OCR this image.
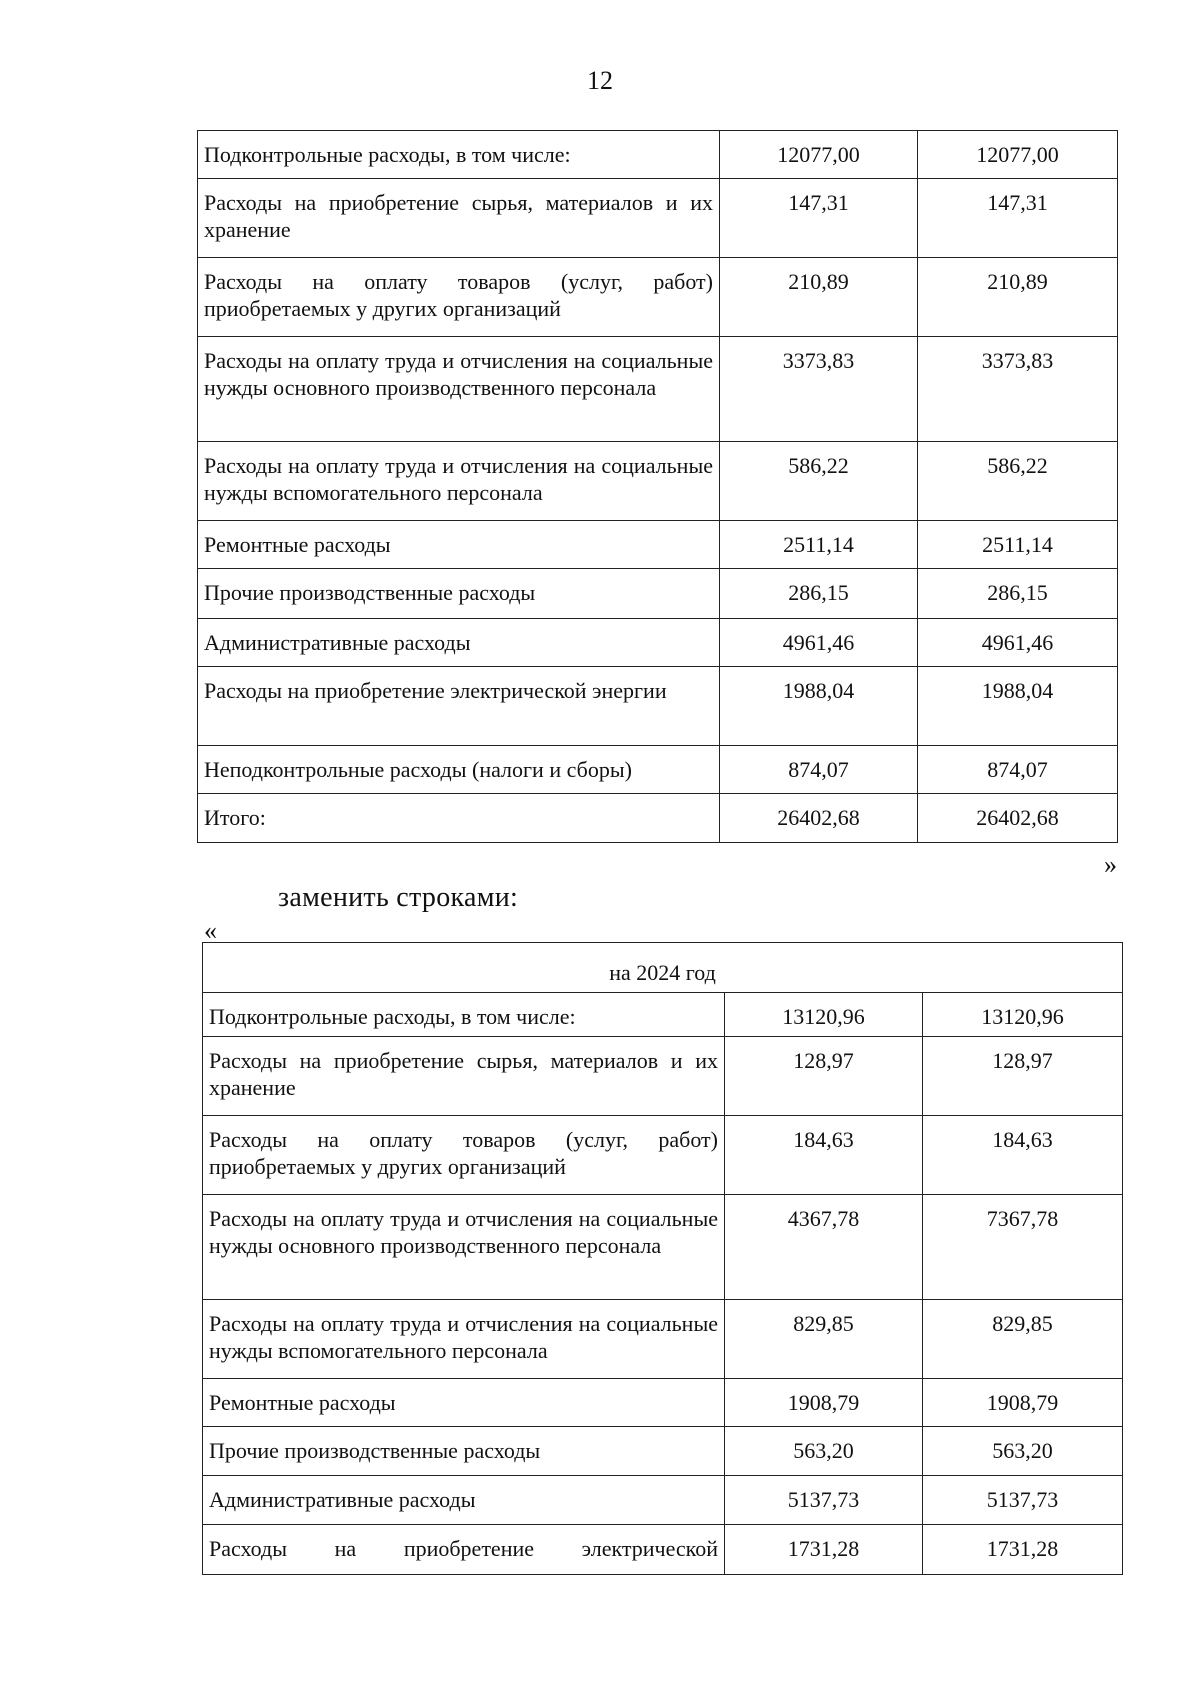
12
Подконтрольные расходы, в том числе:	12077,00	12077,00
Расходы на приобретение сырья, материалов и их хранение	147,31	147,31
Расходы на оплату товаров (услуг, работ) приобретаемых у других организаций	210,89	210,89
Расходы на оплату труда и отчисления на социальные нужды основного производственного персонала	3373,83	3373,83
Расходы на оплату труда и отчисления на социальные нужды вспомогательного персонала	586,22	586,22
Ремонтные расходы	2511,14	2511,14
Прочие производственные расходы	286,15	286,15
Административные расходы	4961,46	4961,46
Расходы на приобретение электрической энергии	1988,04	1988,04
Неподконтрольные расходы (налоги и сборы)	874,07	874,07
Итого:	26402,68	26402,68
»
заменить строками:
«
на 2024 год		
Подконтрольные расходы, в том числе:	13120,96	13120,96
Расходы на приобретение сырья, материалов и их хранение	128,97	128,97
Расходы на оплату товаров (услуг, работ) приобретаемых у других организаций	184,63	184,63
Расходы на оплату труда и отчисления на социальные нужды основного производственного персонала	4367,78	7367,78
Расходы на оплату труда и отчисления на социальные нужды вспомогательного персонала	829,85	829,85
Ремонтные расходы	1908,79	1908,79
Прочие производственные расходы	563,20	563,20
Административные расходы	5137,73	5137,73
Расходы на приобретение электрической	1731,28	1731,28
